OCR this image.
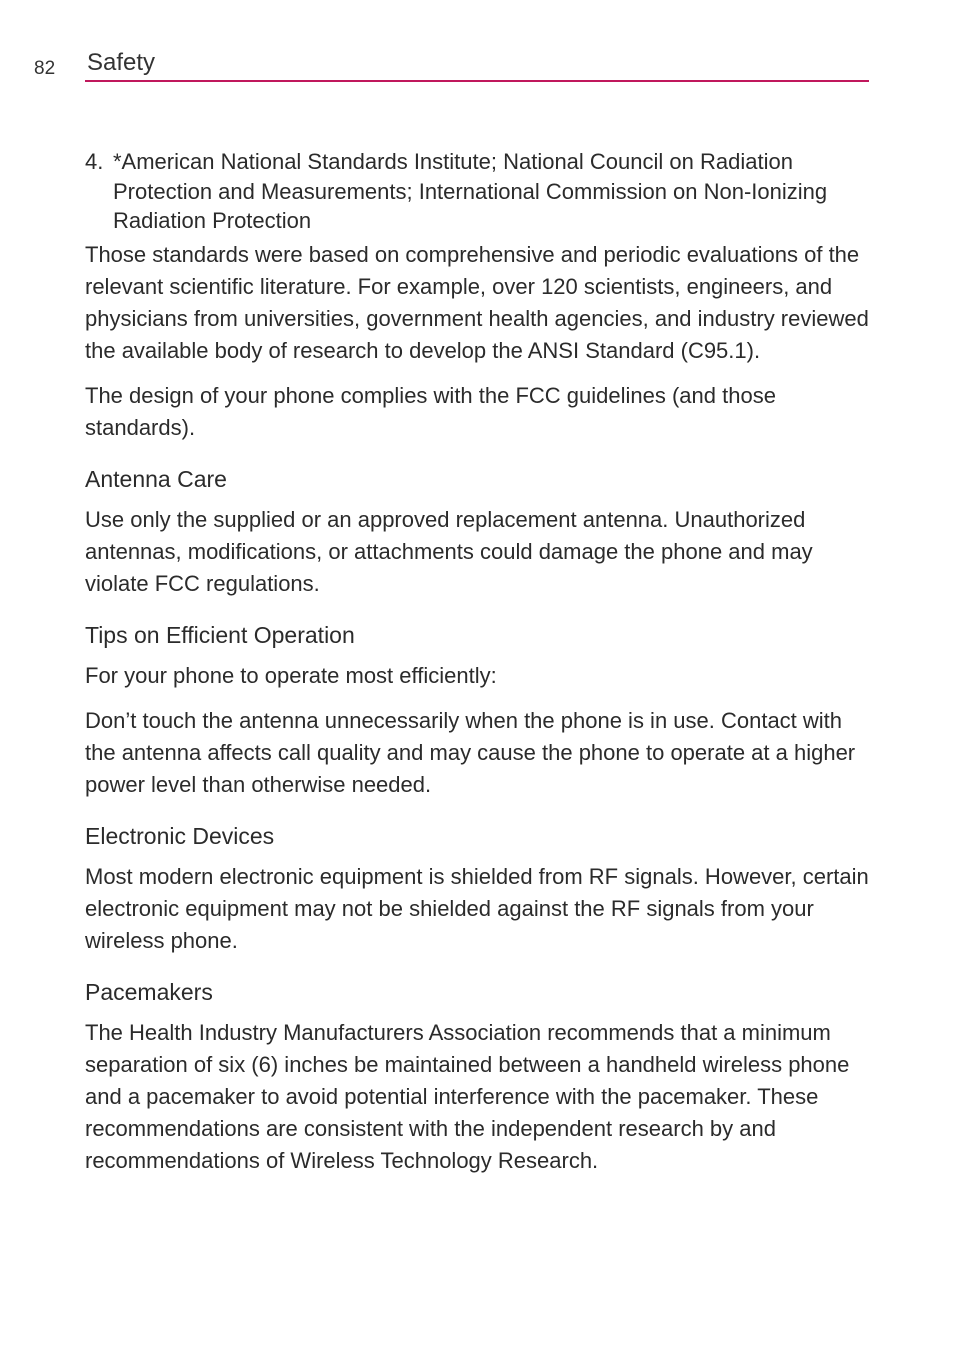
82 Safety
4. *American National Standards Institute; National Council on Radiation Protection and Measurements; International Commission on Non-Ionizing Radiation Protection

Those standards were based on comprehensive and periodic evaluations of the relevant scientific literature. For example, over 120 scientists, engineers, and physicians from universities, government health agencies, and industry reviewed the available body of research to develop the ANSI Standard (C95.1).

The design of your phone complies with the FCC guidelines (and those standards).

Antenna Care

Use only the supplied or an approved replacement antenna. Unauthorized antennas, modifications, or attachments could damage the phone and may violate FCC regulations.

Tips on Efficient Operation

For your phone to operate most efficiently:

Don’t touch the antenna unnecessarily when the phone is in use. Contact with the antenna affects call quality and may cause the phone to operate at a higher power level than otherwise needed.

Electronic Devices

Most modern electronic equipment is shielded from RF signals. However, certain electronic equipment may not be shielded against the RF signals from your wireless phone.

Pacemakers

The Health Industry Manufacturers Association recommends that a minimum separation of six (6) inches be maintained between a handheld wireless phone and a pacemaker to avoid potential interference with the pacemaker. These recommendations are consistent with the independent research by and recommendations of Wireless Technology Research.
